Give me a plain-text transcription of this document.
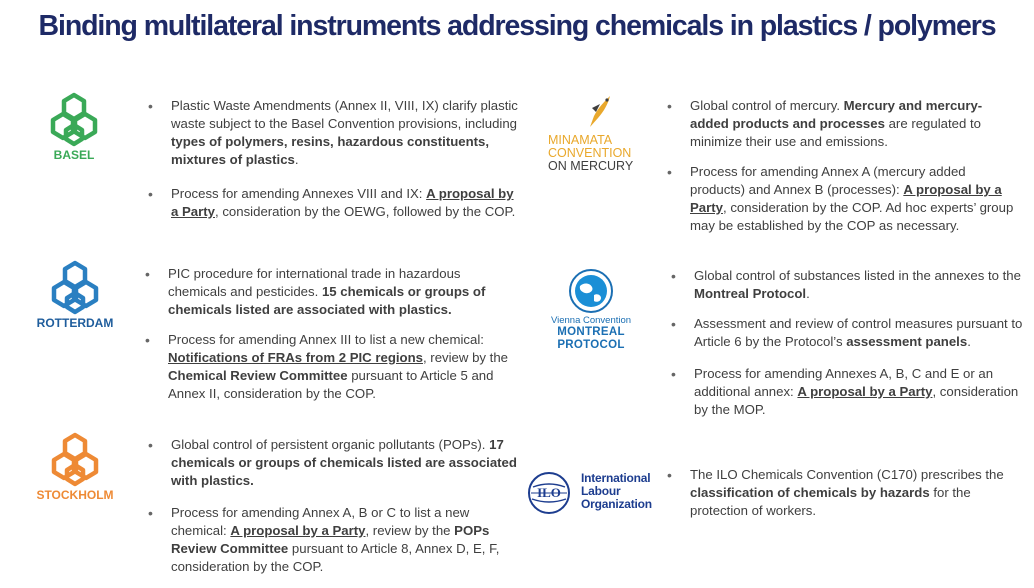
Binding multilateral instruments addressing chemicals in plastics / polymers
BASEL
ROTTERDAM
STOCKHOLM
MINAMATA
CONVENTION
ON MERCURY
Vienna Convention
MONTREAL PROTOCOL
ILO
International
Labour
Organization
• Plastic Waste Amendments (Annex II, VIII, IX) clarify plastic waste subject to the Basel Convention provisions, including types of polymers, resins, hazardous constituents, mixtures of plastics.
• Process for amending Annexes VIII and IX: A proposal by a Party, consideration by the OEWG, followed by the COP.
• PIC procedure for international trade in hazardous chemicals and pesticides. 15 chemicals or groups of chemicals listed are associated with plastics.
• Process for amending Annex III to list a new chemical: Notifications of FRAs from 2 PIC regions, review by the Chemical Review Committee pursuant to Article 5 and Annex II, consideration by the COP.
• Global control of persistent organic pollutants (POPs). 17 chemicals or groups of chemicals listed are associated with plastics.
• Process for amending Annex A, B or C to list a new chemical: A proposal by a Party, review by the POPs Review Committee pursuant to Article 8, Annex D, E, F, consideration by the COP.
• Global control of mercury. Mercury and mercury-added products and processes are regulated to minimize their use and emissions.
• Process for amending Annex A (mercury added products) and Annex B (processes): A proposal by a Party, consideration by the COP. Ad hoc experts’ group may be established by the COP as necessary.
• Global control of substances listed in the annexes to the Montreal Protocol.
• Assessment and review of control measures pursuant to Article 6 by the Protocol’s assessment panels.
• Process for amending Annexes A, B, C and E or an additional annex: A proposal by a Party, consideration by the MOP.
• The ILO Chemicals Convention (C170) prescribes the classification of chemicals by hazards for the protection of workers.
